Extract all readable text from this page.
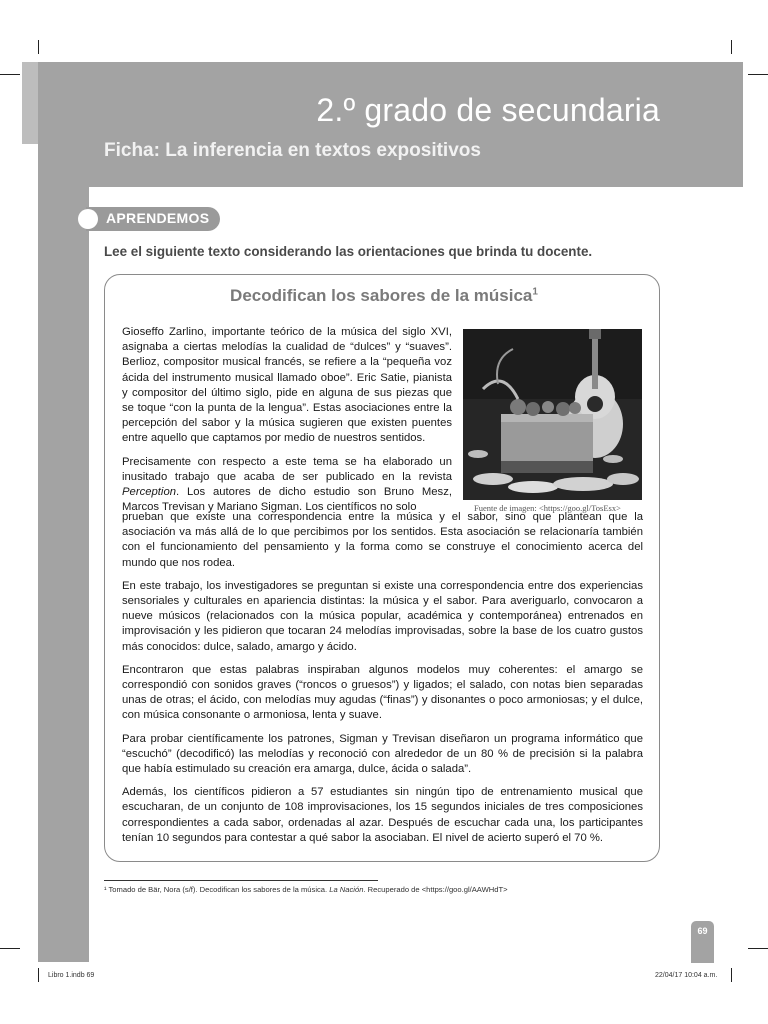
2.º grado de secundaria
Ficha: La inferencia en textos expositivos
APRENDEMOS
Lee el siguiente texto considerando las orientaciones que brinda tu docente.
Decodifican los sabores de la música$^1$

Gioseffo Zarlino, importante teórico de la música del siglo XVI, asignaba a ciertas melodías la cualidad de “dulces” y “suaves”. Berlioz, compositor musical francés, se refiere a la “pequeña voz ácida del instrumento musical llamado oboe”. Eric Satie, pianista y compositor del último siglo, pide en alguna de sus piezas que se toque “con la punta de la lengua”. Estas asociaciones entre la percepción del sabor y la música sugieren que existen puentes entre aquello que captamos por medio de nuestros sentidos.

Precisamente con respecto a este tema se ha elaborado un inusitado trabajo que acaba de ser publicado en la revista Perception. Los autores de dicho estudio son Bruno Mesz, Marcos Trevisan y Mariano Sigman. Los científicos no solo	Fuente de imagen: <https://goo.gl/TosEsx>

prueban que existe una correspondencia entre la música y el sabor, sino que plantean que la asociación va más allá de lo que percibimos por los sentidos. Esta asociación se relacionaría también con el funcionamiento del pensamiento y la forma como se construye el conocimiento acerca del mundo que nos rodea.

En este trabajo, los investigadores se preguntan si existe una correspondencia entre dos experiencias sensoriales y culturales en apariencia distintas: la música y el sabor. Para averiguarlo, convocaron a nueve músicos (relacionados con la música popular, académica y contemporánea) entrenados en improvisación y les pidieron que tocaran 24 melodías improvisadas, sobre la base de los cuatro gustos más conocidos: dulce, salado, amargo y ácido.

Encontraron que estas palabras inspiraban algunos modelos muy coherentes: el amargo se correspondió con sonidos graves (“roncos o gruesos”) y ligados; el salado, con notas bien separadas unas de otras; el ácido, con melodías muy agudas (“finas”) y disonantes o poco armoniosas; y el dulce, con música consonante o armoniosa, lenta y suave.

Para probar científicamente los patrones, Sigman y Trevisan diseñaron un programa informático que “escuchó” (decodificó) las melodías y reconoció con alrededor de un 80 % de precisión si la palabra que había estimulado su creación era amarga, dulce, ácida o salada”.

Además, los científicos pidieron a 57 estudiantes sin ningún tipo de entrenamiento musical que escucharan, de un conjunto de 108 improvisaciones, los 15 segundos iniciales de tres composiciones correspondientes a cada sabor, ordenadas al azar. Después de escuchar cada una, los participantes tenían 10 segundos para contestar a qué sabor la asociaban. El nivel de acierto superó el 70 %.

¹ Tomado de Bär, Nora (s/f). Decodifican los sabores de la música. La Nación. Recuperado de <https://goo.gl/AAWHdT>
69
Libro 1.indb 69	22/04/17 10:04 a.m.
